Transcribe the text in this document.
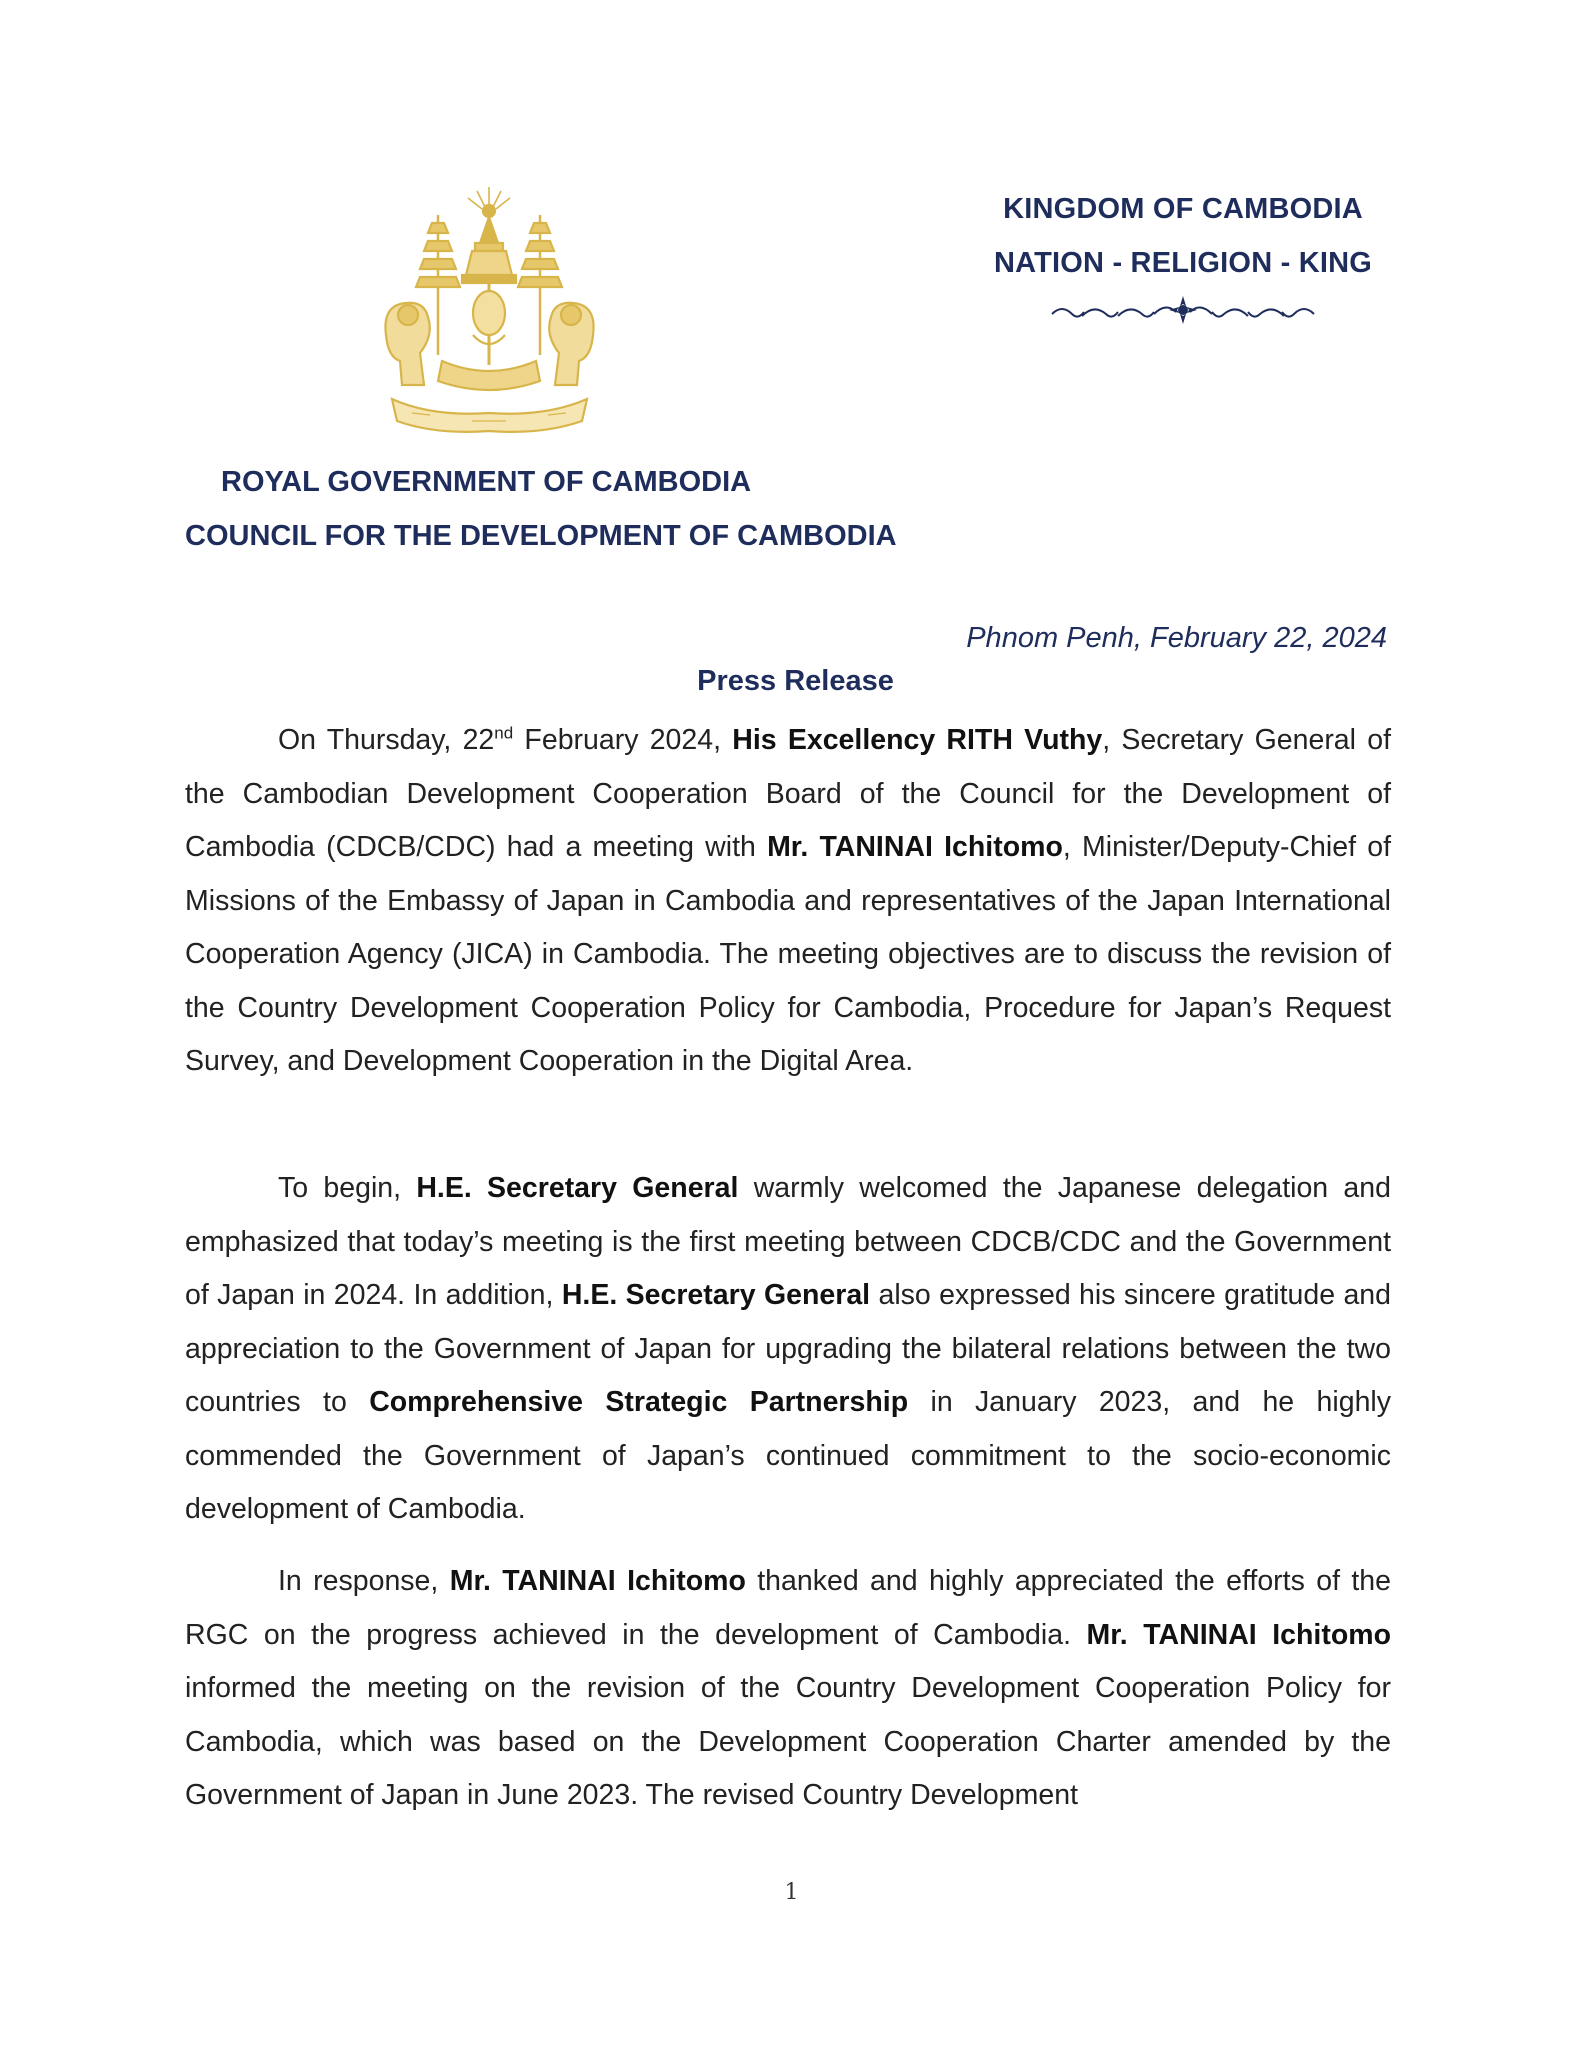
KINGDOM OF CAMBODIA
NATION - RELIGION - KING
ROYAL GOVERNMENT OF CAMBODIA
COUNCIL FOR THE DEVELOPMENT OF CAMBODIA
Phnom Penh, February 22, 2024
Press Release

On Thursday, 22nd February 2024, His Excellency RITH Vuthy, Secretary General of the Cambodian Development Cooperation Board of the Council for the Development of Cambodia (CDCB/CDC) had a meeting with Mr. TANINAI Ichitomo, Minister/Deputy-Chief of Missions of the Embassy of Japan in Cambodia and representatives of the Japan International Cooperation Agency (JICA) in Cambodia. The meeting objectives are to discuss the revision of the Country Development Cooperation Policy for Cambodia, Procedure for Japan’s Request Survey, and Development Cooperation in the Digital Area.

To begin, H.E. Secretary General warmly welcomed the Japanese delegation and emphasized that today’s meeting is the first meeting between CDCB/CDC and the Government of Japan in 2024. In addition, H.E. Secretary General also expressed his sincere gratitude and appreciation to the Government of Japan for upgrading the bilateral relations between the two countries to Comprehensive Strategic Partnership in January 2023, and he highly commended the Government of Japan’s continued commitment to the socio-economic development of Cambodia.

In response, Mr. TANINAI Ichitomo thanked and highly appreciated the efforts of the RGC on the progress achieved in the development of Cambodia. Mr. TANINAI Ichitomo informed the meeting on the revision of the Country Development Cooperation Policy for Cambodia, which was based on the Development Cooperation Charter amended by the Government of Japan in June 2023. The revised Country Development

1
